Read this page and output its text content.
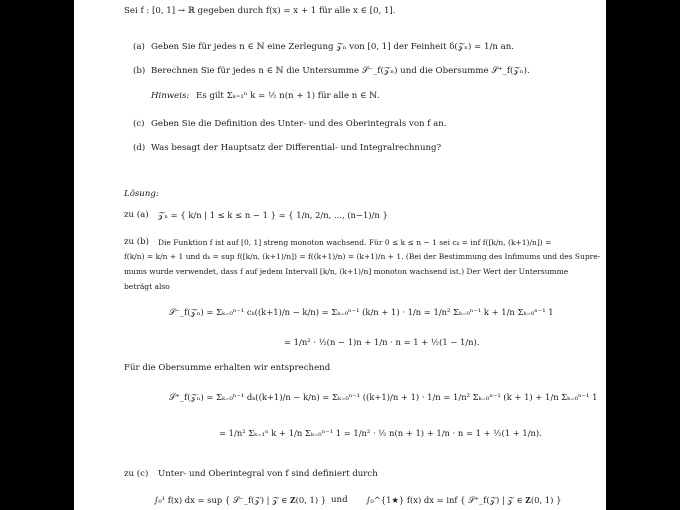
Sei f : [0, 1] → ℝ gegeben durch f(x) = x + 1 für alle x ∈ [0, 1].
(a) Geben Sie für jedes n ∈ ℕ eine Zerlegung 𝒵ₙ von [0, 1] der Feinheit δ(𝒵ₙ) = 1/n an.
(b) Berechnen Sie für jedes n ∈ ℕ die Untersumme 𝒮⁻_f(𝒵ₙ) und die Obersumme 𝒮⁺_f(𝒵ₙ).
Hinweis: Es gilt Σₖ₌₁ⁿ k = ½ n(n + 1) für alle n ∈ ℕ.
(c) Geben Sie die Definition des Unter- und des Oberintegrals von f an.
(d) Was besagt der Hauptsatz der Differential- und Integralrechnung?
Lösung:
zu (a) 𝒵ₙ = { k/n | 1 ≤ k ≤ n − 1 } = { 1/n, 2/n, ..., (n−1)/n }
zu (b) Die Funktion f ist auf [0, 1] streng monoton wachsend. Für 0 ≤ k ≤ n − 1 sei cₖ = inf f([k/n, (k+1)/n]) =
f(k/n) = k/n + 1 und dₖ = sup f([k/n, (k+1)/n]) = f((k+1)/n) = (k+1)/n + 1. (Bei der Bestimmung des Infimums und des Supre-
mums wurde verwendet, dass f auf jedem Intervall [k/n, (k+1)/n] monoton wachsend ist.) Der Wert der Untersumme
beträgt also
𝒮⁻_f(𝒵ₙ) = Σₖ₌₀ⁿ⁻¹ cₖ((k+1)/n − k/n) = Σₖ₌₀ⁿ⁻¹ (k/n + 1) · 1/n = 1/n² Σₖ₌₀ⁿ⁻¹ k + 1/n Σₖ₌₀ⁿ⁻¹ 1
= 1/n² · ½(n − 1)n + 1/n · n = 1 + ½(1 − 1/n).
Für die Obersumme erhalten wir entsprechend
𝒮⁺_f(𝒵ₙ) = Σₖ₌₀ⁿ⁻¹ dₖ((k+1)/n − k/n) = Σₖ₌₀ⁿ⁻¹ ((k+1)/n + 1) · 1/n = 1/n² Σₖ₌₀ⁿ⁻¹ (k + 1) + 1/n Σₖ₌₀ⁿ⁻¹ 1
= 1/n² Σₖ₌₁ⁿ k + 1/n Σₖ₌₀ⁿ⁻¹ 1 = 1/n² · ½ n(n + 1) + 1/n · n = 1 + ½(1 + 1/n).
zu (c) Unter- und Oberintegral von f sind definiert durch
∫₀¹ f(x) dx = sup { 𝒮⁻_f(𝒵) | 𝒵 ∈ 𝐙(0, 1) } und ∫₀^{1★} f(x) dx = inf { 𝒮⁺_f(𝒵) | 𝒵 ∈ 𝐙(0, 1) }
